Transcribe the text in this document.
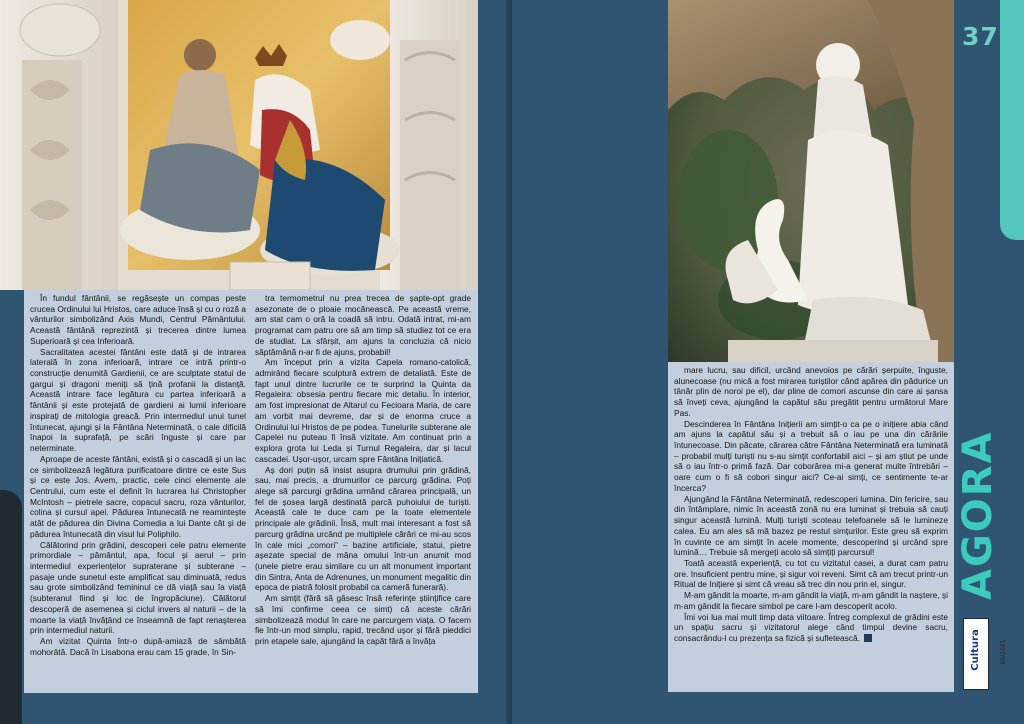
În fundul fântânii, se regăsește un compas peste crucea Ordinului lui Hristos, care aduce însă și cu o roză a vânturilor simbolizând Axis Mundi, Centrul Pământului. Această fântână reprezintă și trecerea dintre lumea Superioară și cea Inferioară.

Sacralitatea acestei fântâni este dată și de intrarea laterală în zona inferioară, intrare ce intră printr-o construcție denumită Gardienii, ce are sculptate statui de gargui și dragoni meniți să țină profanii la distanță. Această intrare face legătura cu partea inferioară a fântânii și este protejată de gardieni ai lumii inferioare inspirați de mitologia greacă. Prin intermediul unui tunel întunecat, ajungi și la Fântâna Neterminată, o cale dificilă înapoi la suprafață, pe scări înguste și care par neterminate.

Aproape de aceste fântâni, există și o cascadă și un lac ce simbolizează legătura purificatoare dintre ce este Sus și ce este Jos. Avem, practic, cele cinci elemente ale Centrului, cum este el definit în lucrarea lui Christopher McIntosh – pietrele sacre, copacul sacru, roza vânturilor, colina și cursul apei. Pădurea întunecată ne reamintește atât de pădurea din Divina Comedia a lui Dante cât și de pădurea întunecată din visul lui Poliphilo.

Călătorind prin grădini, descoperi cele patru elemente primordiale – pământul, apa, focul și aerul – prin intermediul experiențelor supraterane și subterane – pasaje unde sunetul este amplificat sau diminuată, redus sau grote simbolizând femininul ce dă viață sau îa viață (subteranul fiind și loc de îngropăciune). Călătorul descoperă de asemenea și ciclul invers al naturii – de la moarte la viață învățând ce înseamnă de fapt renașterea prin intermediul naturii.

Am vizitat Quinta într-o după-amiază de sâmbătă mohorâtă. Dacă în Lisabona erau cam 15 grade, în Sin-

tra termometrul nu prea trecea de șapte-opt grade asezonate de o ploaie mocănească. Pe această vreme, am stat cam o oră la coadă să intru. Odată intrat, mi-am programat cam patru ore să am timp să studiez tot ce era de studiat. La sfârșit, am ajuns la concluzia că nicio săptămână n-ar fi de ajuns, probabil!

Am început prin a vizita Capela romano-catolică, admirând fiecare sculptură extrem de detaliată. Este de fapt unul dintre lucrurile ce te surprind la Quinta da Regaleira: obsesia pentru fiecare mic detaliu. În interior, am fost impresionat de Altarul cu Fecioara Maria, de care am vorbit mai devreme, dar și de enorma cruce a Ordinului lui Hristos de pe podea. Tunelurile subterane ale Capelei nu puteau fi însă vizitate. Am continuat prin a explora grota lui Leda și Turnul Regaleira, dar și lacul cascadei. Ușor-ușor, urcam spre Fântâna Inițiatică.

Aș dori puțin să insist asupra drumului prin grădină, sau, mai precis, a drumurilor ce parcurg grădina. Poți alege să parcurgi grădina urmând cărarea principală, un fel de șosea largă destinată parcă puhoiului de turiști. Această cale te duce cam pe la toate elementele principale ale grădinii. Însă, mult mai interesant a fost să parcurg grădina urcând pe multiplele cărări ce mi-au scos în cale mici „comori” – bazine artificiale, statui, pietre așezate special de mâna omului într-un anumit mod (unele pietre erau similare cu un alt monument important din Sintra, Anta de Adrenunes, un monument megalitic din epoca de piatră folosit probabil ca cameră funerară).

Am simțit (fără să găsesc însă referințe științifice care să îmi confirme ceea ce simt) că aceste cărări simbolizează modul în care ne parcurgem viața. O facem fie într-un mod simplu, rapid, trecând ușor și fără pieddici prin etapele sale, ajungând la capăt fără a învăța

37

mare lucru, sau dificil, urcând anevoios pe cărări șerpuite, înguste, alunecoase (nu mică a fost mirarea turiștilor când apărea din pădurice un tânăr plin de noroi pe el), dar pline de comori ascunse din care ai șansa să înveți ceva, ajungând la capătul său pregătit pentru următorul Mare Pas.

Descinderea în Fântâna Inițierii am simțit-o ca pe o inițiere abia când am ajuns la capătul său și a trebuit să o iau pe una din cărările întunecoase. Din păcate, cărarea către Fântâna Neterminată era luminată – probabil mulți turiști nu s-au simțit confortabil aici – și am știut pe unde să o iau într-o primă fază. Dar coborârea mi-a generat multe întrebări – oare cum o fi să cobori singur aici? Ce-ai simți, ce sentimente te-ar încerca?

Ajungând la Fântâna Neterminată, redescoperi lumina. Din fericire, sau din întâmplare, nimic în această zonă nu era luminat și trebuia să cauți singur această lumină. Mulți turiști scoteau telefoanele să le lumineze calea. Eu am ales să mă bazez pe restul simțurilor. Este greu să exprim în cuvinte ce am simțit în acele momente, descoperind și urcând spre lumină… Trebuie să mergeți acolo să simțiți parcursul!

Toată această experiență, cu tot cu vizitatul casei, a durat cam patru ore. Insuficient pentru mine, și sigur voi reveni. Simt că am trecut printr-un Ritual de Inițiere și simt că vreau să trec din nou prin el, singur.

M-am gândit la moarte, m-am gândit la viață, m-am gândit la naștere, și m-am gândit la fiecare simbol pe care l-am descoperit acolo.

Îmi voi lua mai mult timp data viitoare. Întreg complexul de grădini este un spațiu sacru și vizitatorul alege când timpul devine sacru, consacrându-l cu prezența sa fizică și sufletească.

AGORA
Cultura	08/2021
